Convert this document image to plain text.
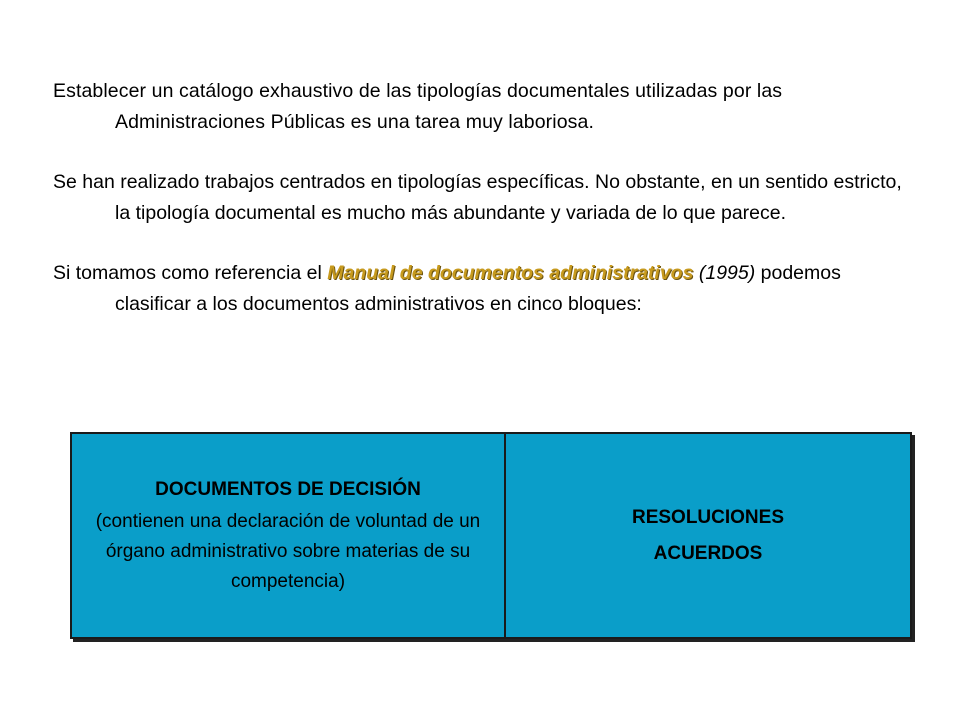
Establecer un catálogo exhaustivo de las tipologías documentales utilizadas por las Administraciones Públicas es una tarea muy laboriosa.

Se han realizado trabajos centrados en tipologías específicas. No obstante, en un sentido estricto, la tipología documental es mucho más abundante y variada de lo que parece.

Si tomamos como referencia el Manual de documentos administrativos (1995) podemos clasificar a los documentos administrativos en cinco bloques:

DOCUMENTOS DE DECISIÓN
(contienen una declaración de voluntad de un órgano administrativo sobre materias de su competencia)

RESOLUCIONES
ACUERDOS
